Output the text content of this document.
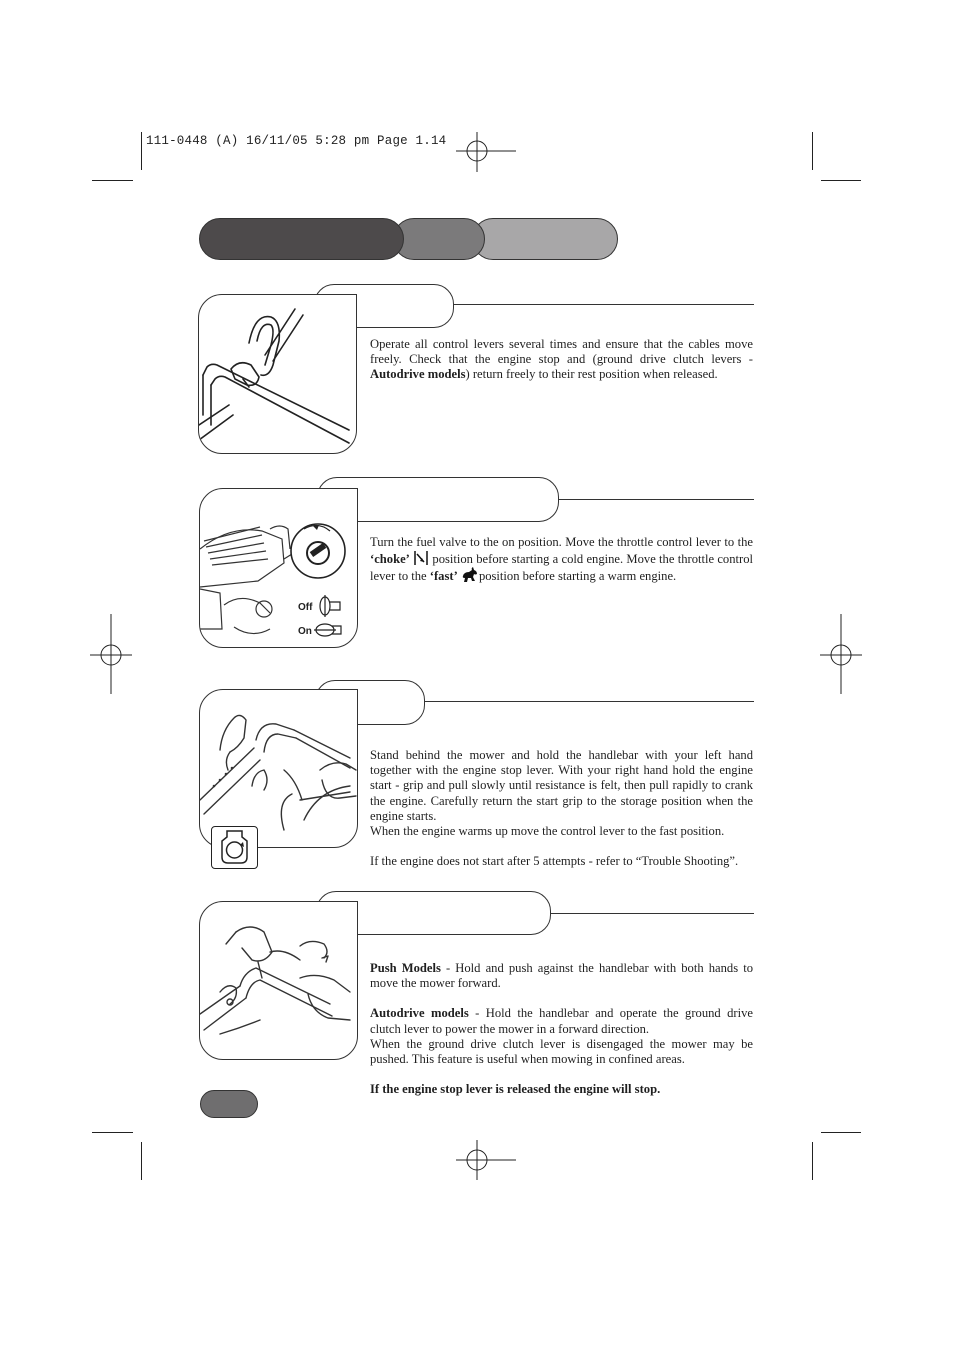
111-0448 (A) 16/11/05 5:28 pm Page 1.14

Operate all control levers several times and ensure that the cables move freely. Check that the engine stop and (ground drive clutch levers - Autodrive models) return freely to their rest position when released.

Off
On

Turn the fuel valve to the on position. Move the throttle control lever to the ‘choke’  position before starting a cold engine. Move the throttle control lever to the ‘fast’ position before starting a warm engine.

Stand behind the mower and hold the handlebar with your left hand together with the engine stop lever. With your right hand hold the engine start - grip and pull slowly until resistance is felt, then pull rapidly to crank the engine. Carefully return the start grip to the storage position when the engine starts.

When the engine warms up move the control lever to the fast position.

If the engine does not start after 5 attempts - refer to “Trouble Shooting”.

Push Models - Hold and push against the handlebar with both hands to move the mower forward.

Autodrive models - Hold the handlebar and operate the ground drive clutch lever to power the mower in a forward direction.

When the ground drive clutch lever is disengaged the mower may be pushed. This feature is useful when mowing in confined areas.

If the engine stop lever is released the engine will stop.
